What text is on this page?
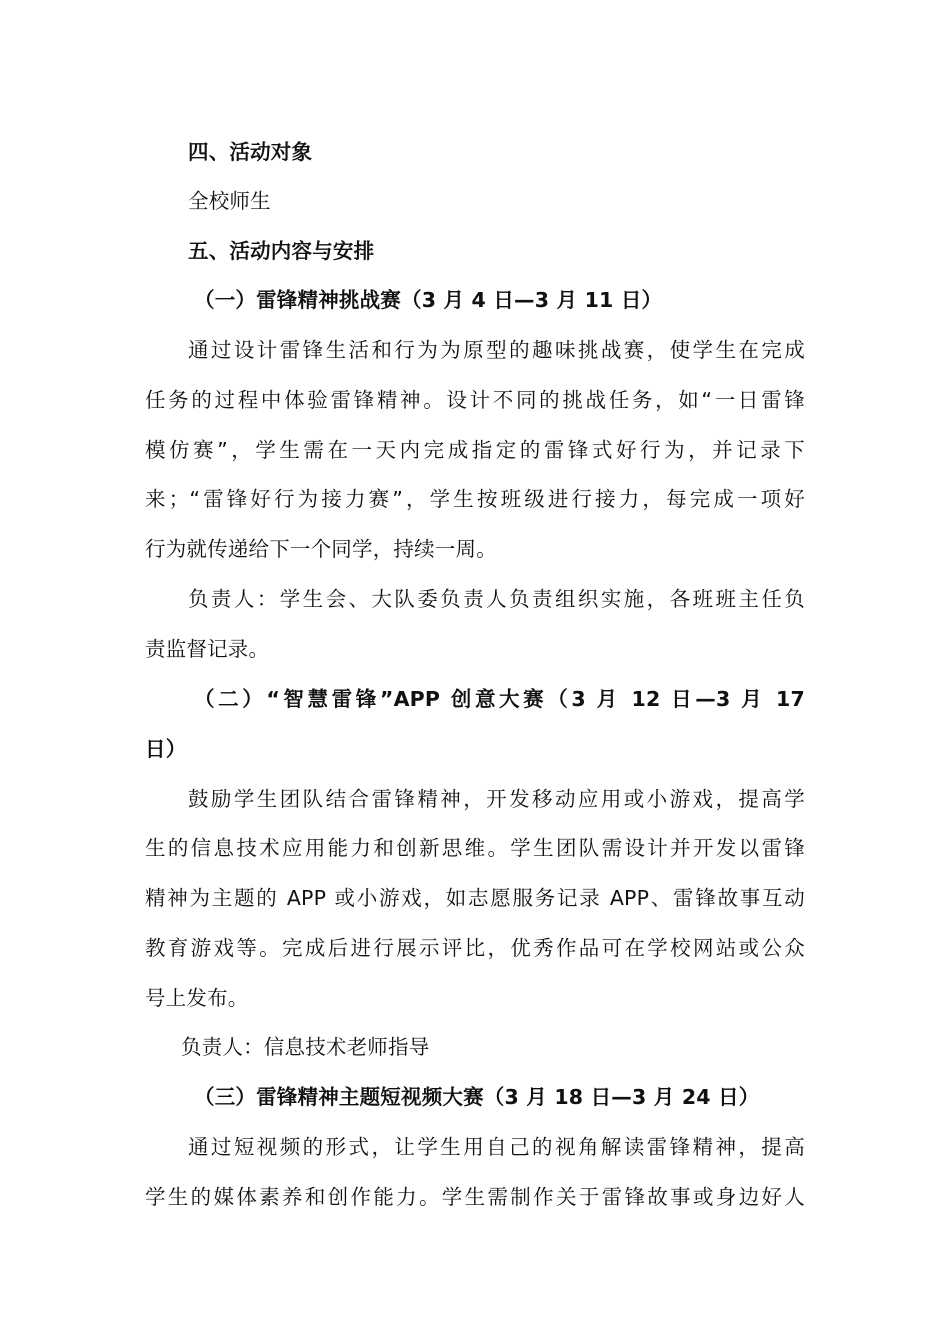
四、活动对象
全校师生
五、活动内容与安排
（一）雷锋精神挑战赛（3 月 4 日—3 月 11 日）
通过设计雷锋生活和行为为原型的趣味挑战赛，使学生在完成
任务的过程中体验雷锋精神。设计不同的挑战任务，如“一日雷锋
模仿赛”，学生需在一天内完成指定的雷锋式好行为，并记录下
来；“雷锋好行为接力赛”，学生按班级进行接力，每完成一项好
行为就传递给下一个同学，持续一周。
负责人：学生会、大队委负责人负责组织实施，各班班主任负
责监督记录。
（二）“智慧雷锋”APP 创意大赛（3 月 12 日—3 月 17
日）
鼓励学生团队结合雷锋精神，开发移动应用或小游戏，提高学
生的信息技术应用能力和创新思维。学生团队需设计并开发以雷锋
精神为主题的 APP 或小游戏，如志愿服务记录 APP、雷锋故事互动
教育游戏等。完成后进行展示评比，优秀作品可在学校网站或公众
号上发布。
负责人：信息技术老师指导
（三）雷锋精神主题短视频大赛（3 月 18 日—3 月 24 日）
通过短视频的形式，让学生用自己的视角解读雷锋精神，提高
学生的媒体素养和创作能力。学生需制作关于雷锋故事或身边好人
